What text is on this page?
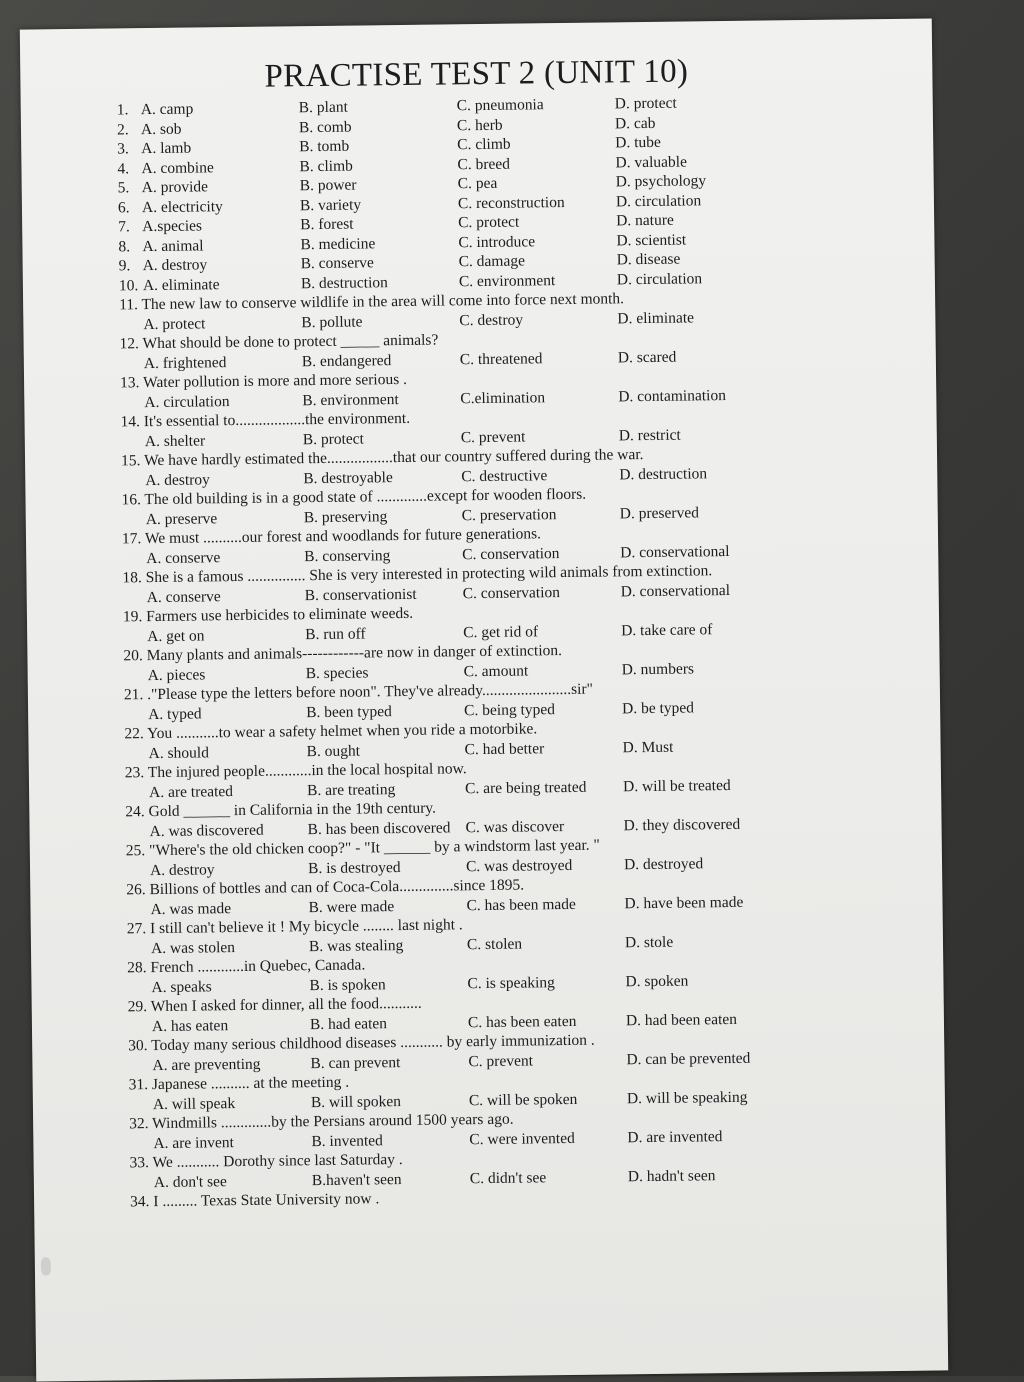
PRACTISE TEST 2 (UNIT 10)
1. A. camp	B. plant	C. pneumonia	D. protect
2. A. sob	B. comb	C. herb	D. cab
3. A. lamb	B. tomb	C. climb	D. tube
4. A. combine	B. climb	C. breed	D. valuable
5. A. provide	B. power	C. pea	D. psychology
6. A. electricity	B. variety	C. reconstruction	D. circulation
7. A.species	B. forest	C. protect	D. nature
8. A. animal	B. medicine	C. introduce	D. scientist
9. A. destroy	B. conserve	C. damage	D. disease
10. A. eliminate	B. destruction	C. environment	D. circulation
11. The new law to conserve wildlife in the area will come into force next month.
A. protect	B. pollute	C. destroy	D. eliminate
12. What should be done to protect _____ animals?
A. frightened	B. endangered	C. threatened	D. scared
13. Water pollution is more and more serious .
A. circulation	B. environment	C.elimination	D. contamination
14. It's essential to..................the environment.
A. shelter	B. protect	C. prevent	D. restrict
15. We have hardly estimated the.................that our country suffered during the war.
A. destroy	B. destroyable	C. destructive	D. destruction
16. The old building is in a good state of .............except for wooden floors.
A. preserve	B. preserving	C. preservation	D. preserved
17. We must ..........our forest and woodlands for future generations.
A. conserve	B. conserving	C. conservation	D. conservational
18. She is a famous ............... She is very interested in protecting wild animals from extinction.
A. conserve	B. conservationist	C. conservation	D. conservational
19. Farmers use herbicides to eliminate weeds.
A. get on	B. run off	C. get rid of	D. take care of
20. Many plants and animals------------are now in danger of extinction.
A. pieces	B. species	C. amount	D. numbers
21. ."Please type the letters before noon". They've already.......................sir"
A. typed	B. been typed	C. being typed	D. be typed
22. You ...........to wear a safety helmet when you ride a motorbike.
A. should	B. ought	C. had better	D. Must
23. The injured people............in the local hospital now.
A. are treated	B. are treating	C. are being treated	D. will be treated
24. Gold ______ in California in the 19th century.
A. was discovered	B. has been discovered C. was discover	D. they discovered
25. "Where's the old chicken coop?" - "It ______ by a windstorm last year. "
A. destroy	B. is destroyed	C. was destroyed	D. destroyed
26. Billions of bottles and can of Coca-Cola..............since 1895.
A. was made	B. were made	C. has been made	D. have been made
27. I still can't believe it ! My bicycle ........ last night .
A. was stolen	B. was stealing	C. stolen	D. stole
28. French ............in Quebec, Canada.
A. speaks	B. is spoken	C. is speaking	D. spoken
29. When I asked for dinner, all the food...........
A. has eaten	B. had eaten	C. has been eaten	D. had been eaten
30. Today many serious childhood diseases ........... by early immunization .
A. are preventing	B. can prevent	C. prevent	D. can be prevented
31. Japanese .......... at the meeting .
A. will speak	B. will spoken	C. will be spoken	D. will be speaking
32. Windmills .............by the Persians around 1500 years ago.
A. are invent	B. invented	C. were invented	D. are invented
33. We ........... Dorothy since last Saturday .
A. don't see	B.haven't seen	C. didn't see	D. hadn't seen
34. I ......... Texas State University now .
